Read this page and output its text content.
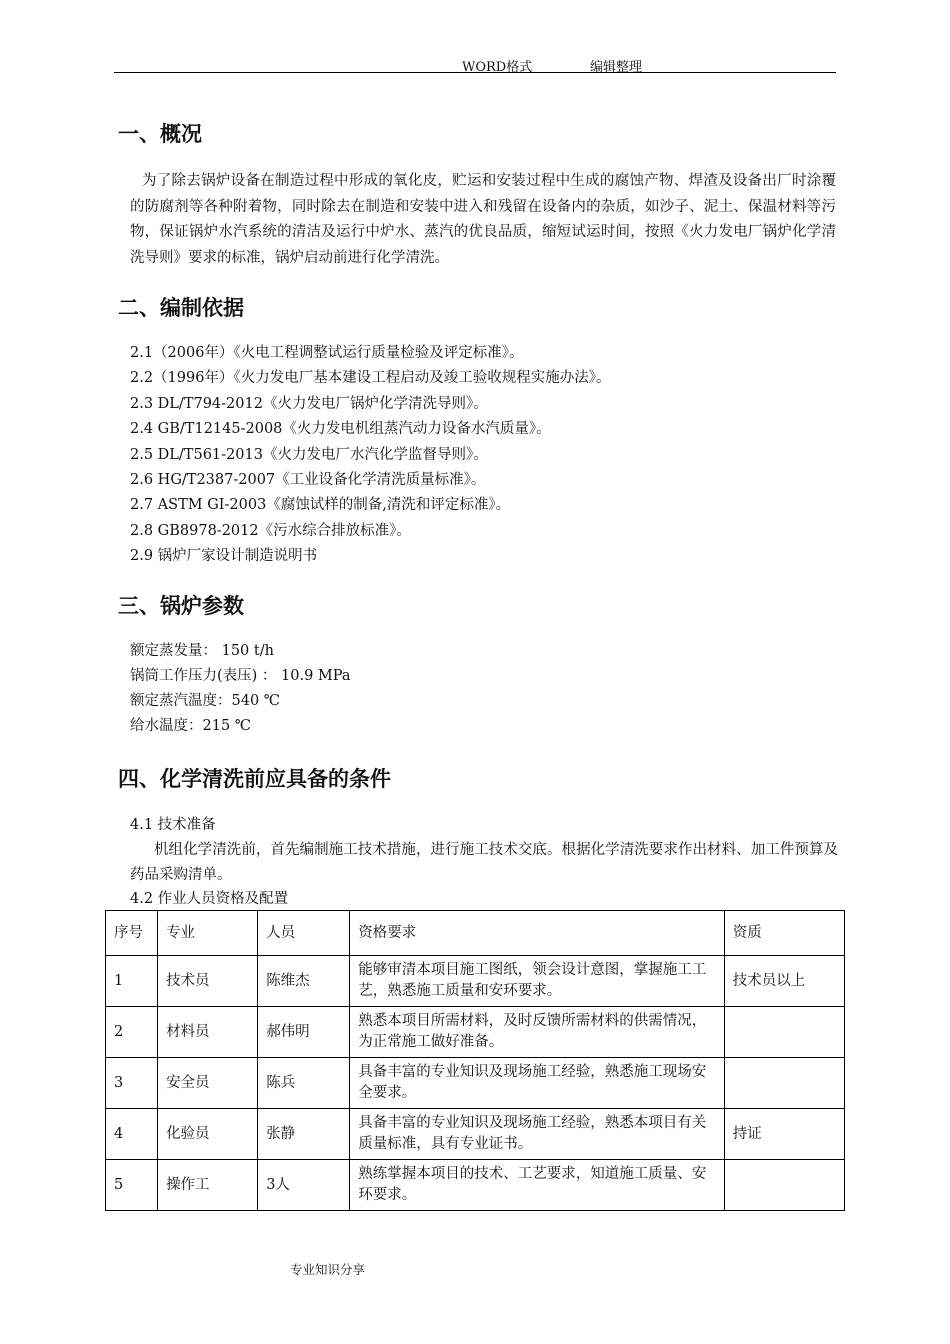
WORD格式	编辑整理
一、概况

为了除去锅炉设备在制造过程中形成的氧化皮，贮运和安装过程中生成的腐蚀产物、焊渣及设备出厂时涂覆的防腐剂等各种附着物，同时除去在制造和安装中进入和残留在设备内的杂质，如沙子、泥土、保温材料等污物，保证锅炉水汽系统的清洁及运行中炉水、蒸汽的优良品质，缩短试运时间，按照《火力发电厂锅炉化学清洗导则》要求的标准，锅炉启动前进行化学清洗。

二、编制依据
2.1（2006年）《火电工程调整试运行质量检验及评定标准》。
2.2（1996年）《火力发电厂基本建设工程启动及竣工验收规程实施办法》。
2.3 DL/T794-2012《火力发电厂锅炉化学清洗导则》。
2.4 GB/T12145-2008《火力发电机组蒸汽动力设备水汽质量》。
2.5 DL/T561-2013《火力发电厂水汽化学监督导则》。
2.6 HG/T2387-2007《工业设备化学清洗质量标准》。
2.7 ASTM GI-2003《腐蚀试样的制备,清洗和评定标准》。
2.8 GB8978-2012《污水综合排放标准》。
2.9 锅炉厂家设计制造说明书
三、锅炉参数
额定蒸发量： 150 t/h
锅筒工作压力(表压) ： 10.9 MPa
额定蒸汽温度：540 ℃
给水温度：215 ℃
四、化学清洗前应具备的条件
4.1 技术准备

机组化学清洗前，首先编制施工技术措施，进行施工技术交底。根据化学清洗要求作出材料、加工件预算及药品采购清单。

4.2 作业人员资格及配置
序号	专业	人员	资格要求	资质
1	技术员	陈维杰	能够审清本项目施工图纸，领会设计意图，掌握施工工艺，熟悉施工质量和安环要求。	技术员以上
2	材料员	郝伟明	熟悉本项目所需材料，及时反馈所需材料的供需情况，为正常施工做好准备。	
3	安全员	陈兵	具备丰富的专业知识及现场施工经验，熟悉施工现场安全要求。	
4	化验员	张静	具备丰富的专业知识及现场施工经验，熟悉本项目有关质量标准，具有专业证书。	持证
5	操作工	3人	熟练掌握本项目的技术、工艺要求，知道施工质量、安环要求。	
专业知识分享
